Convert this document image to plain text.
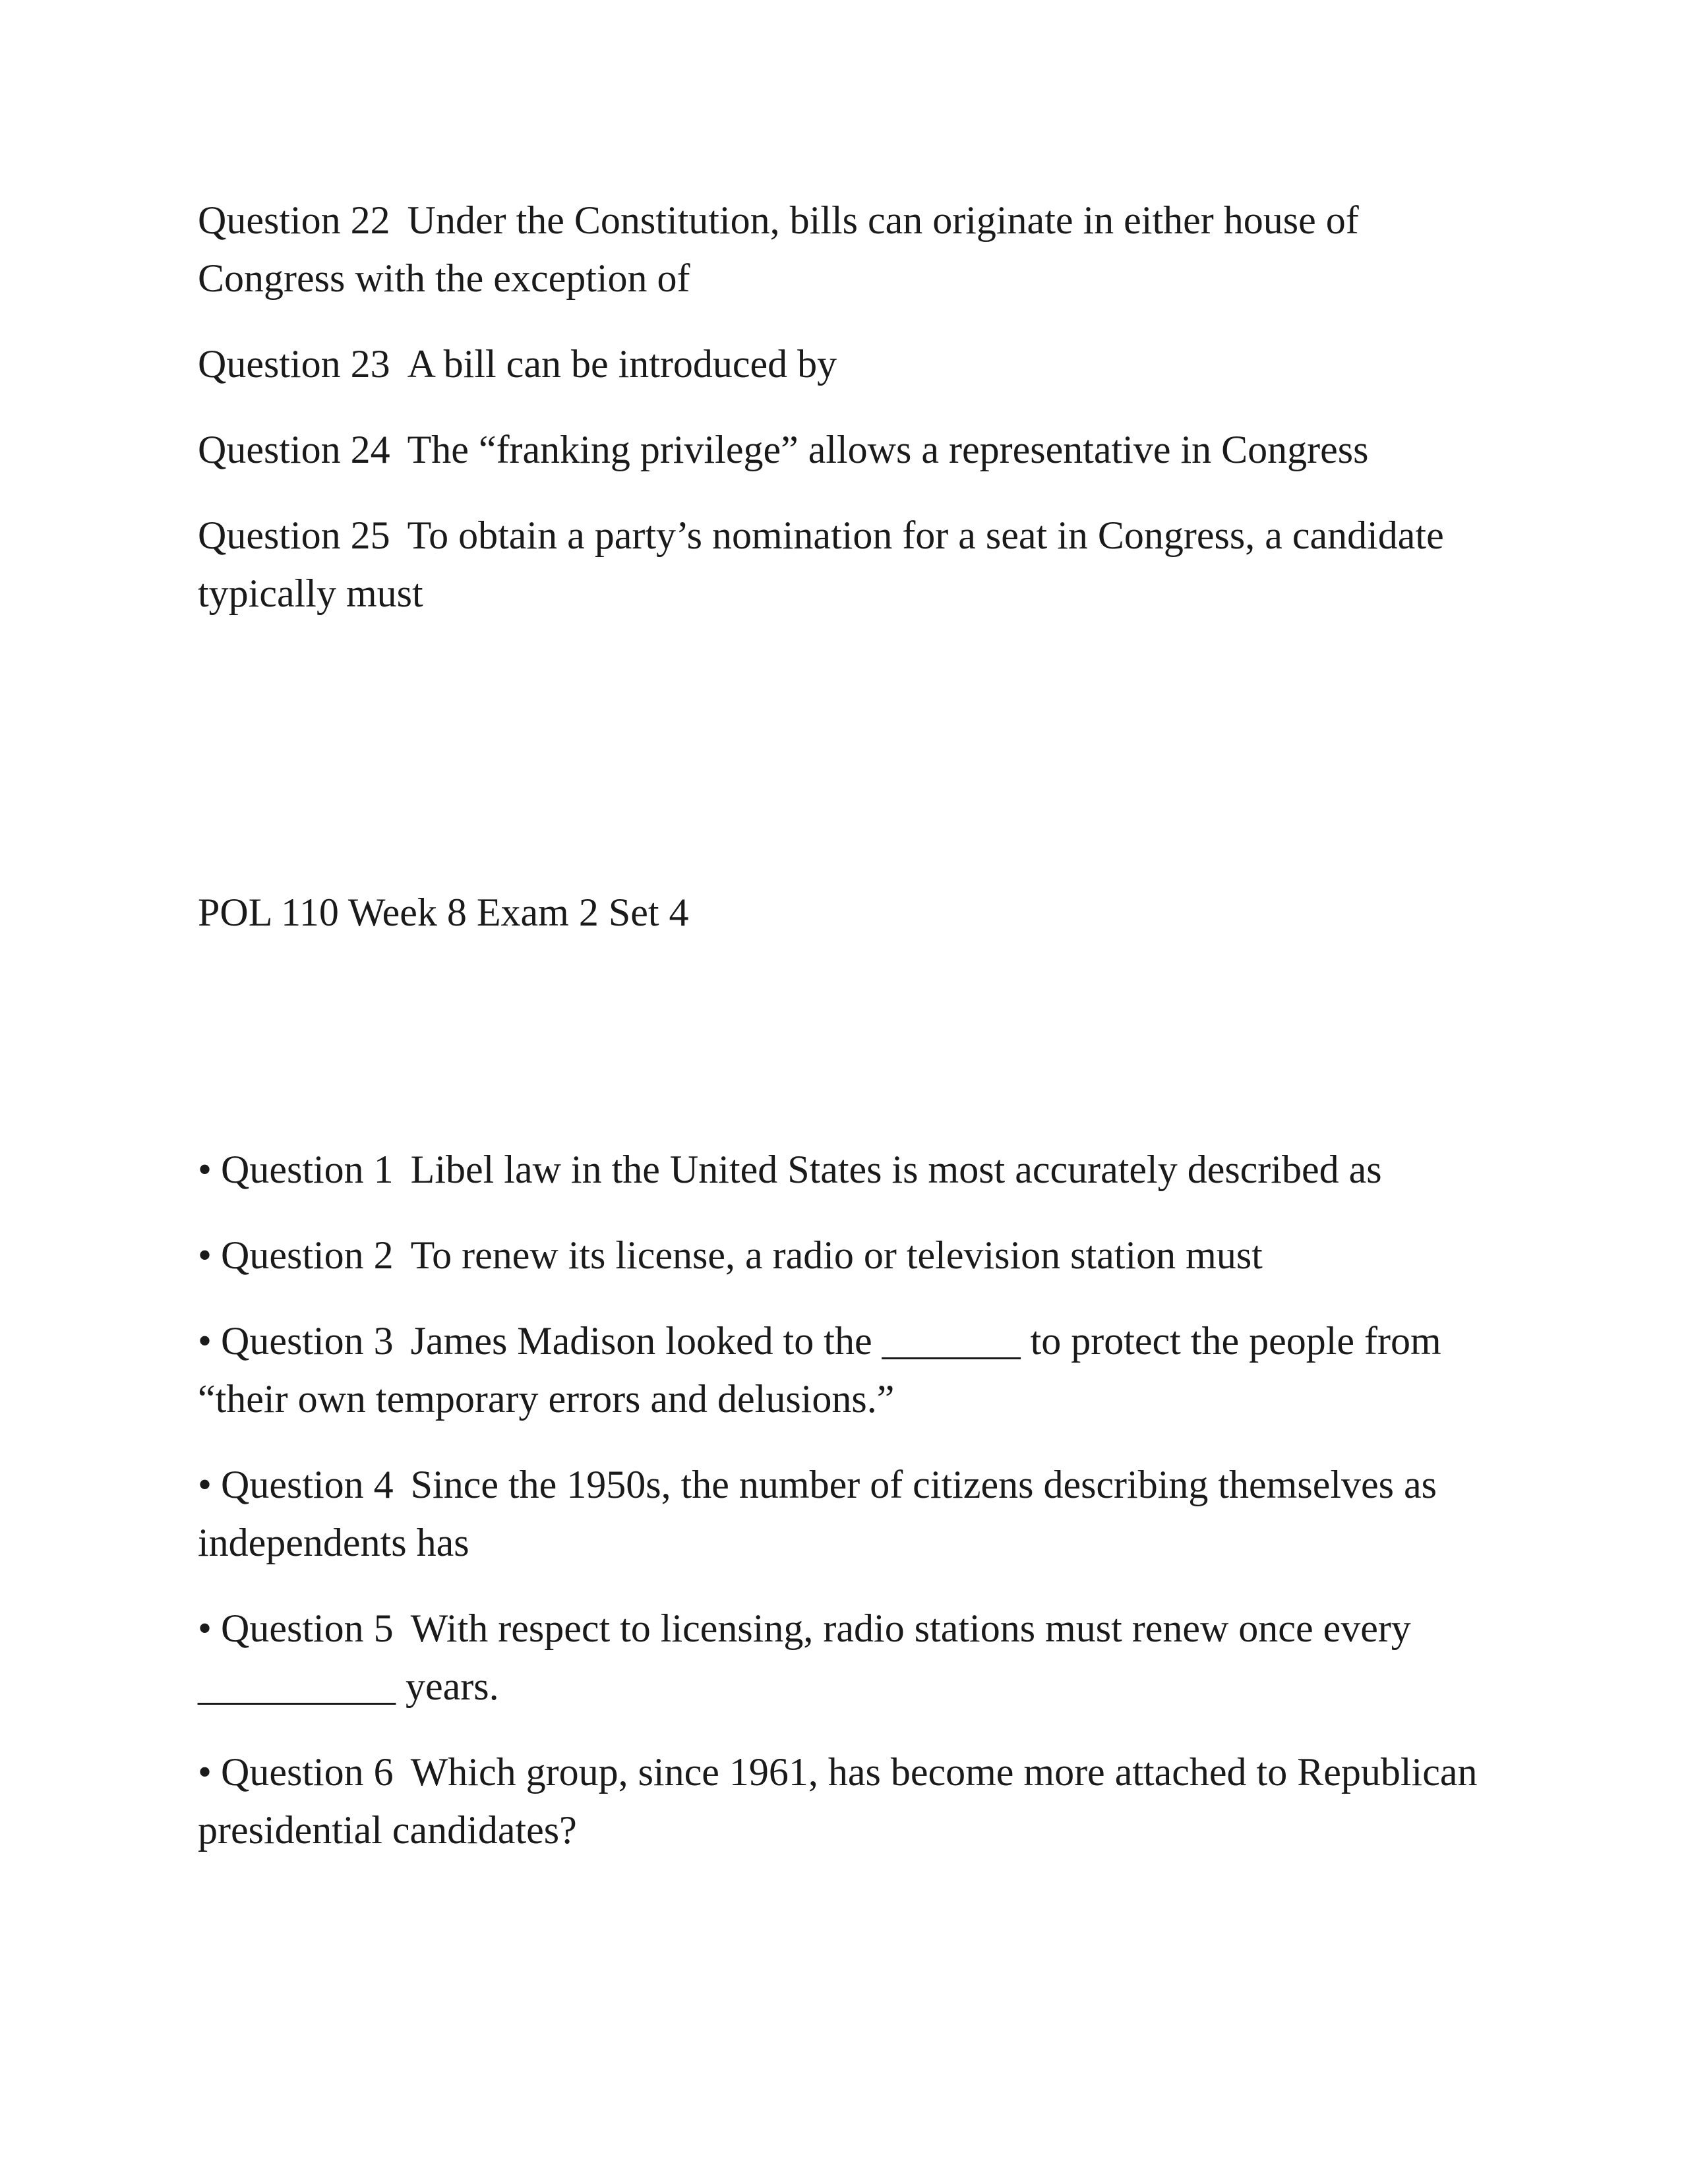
Question 22 Under the Constitution, bills can originate in either house of Congress with the exception of

Question 23 A bill can be introduced by

Question 24 The “franking privilege” allows a representative in Congress

Question 25 To obtain a party’s nomination for a seat in Congress, a candidate typically must

POL 110 Week 8 Exam 2 Set 4

• Question 1 Libel law in the United States is most accurately described as

• Question 2 To renew its license, a radio or television station must

• Question 3 James Madison looked to the _______ to protect the people from “their own temporary errors and delusions.”

• Question 4 Since the 1950s, the number of citizens describing themselves as independents has

• Question 5 With respect to licensing, radio stations must renew once every __________ years.

• Question 6 Which group, since 1961, has become more attached to Republican presidential candidates?
